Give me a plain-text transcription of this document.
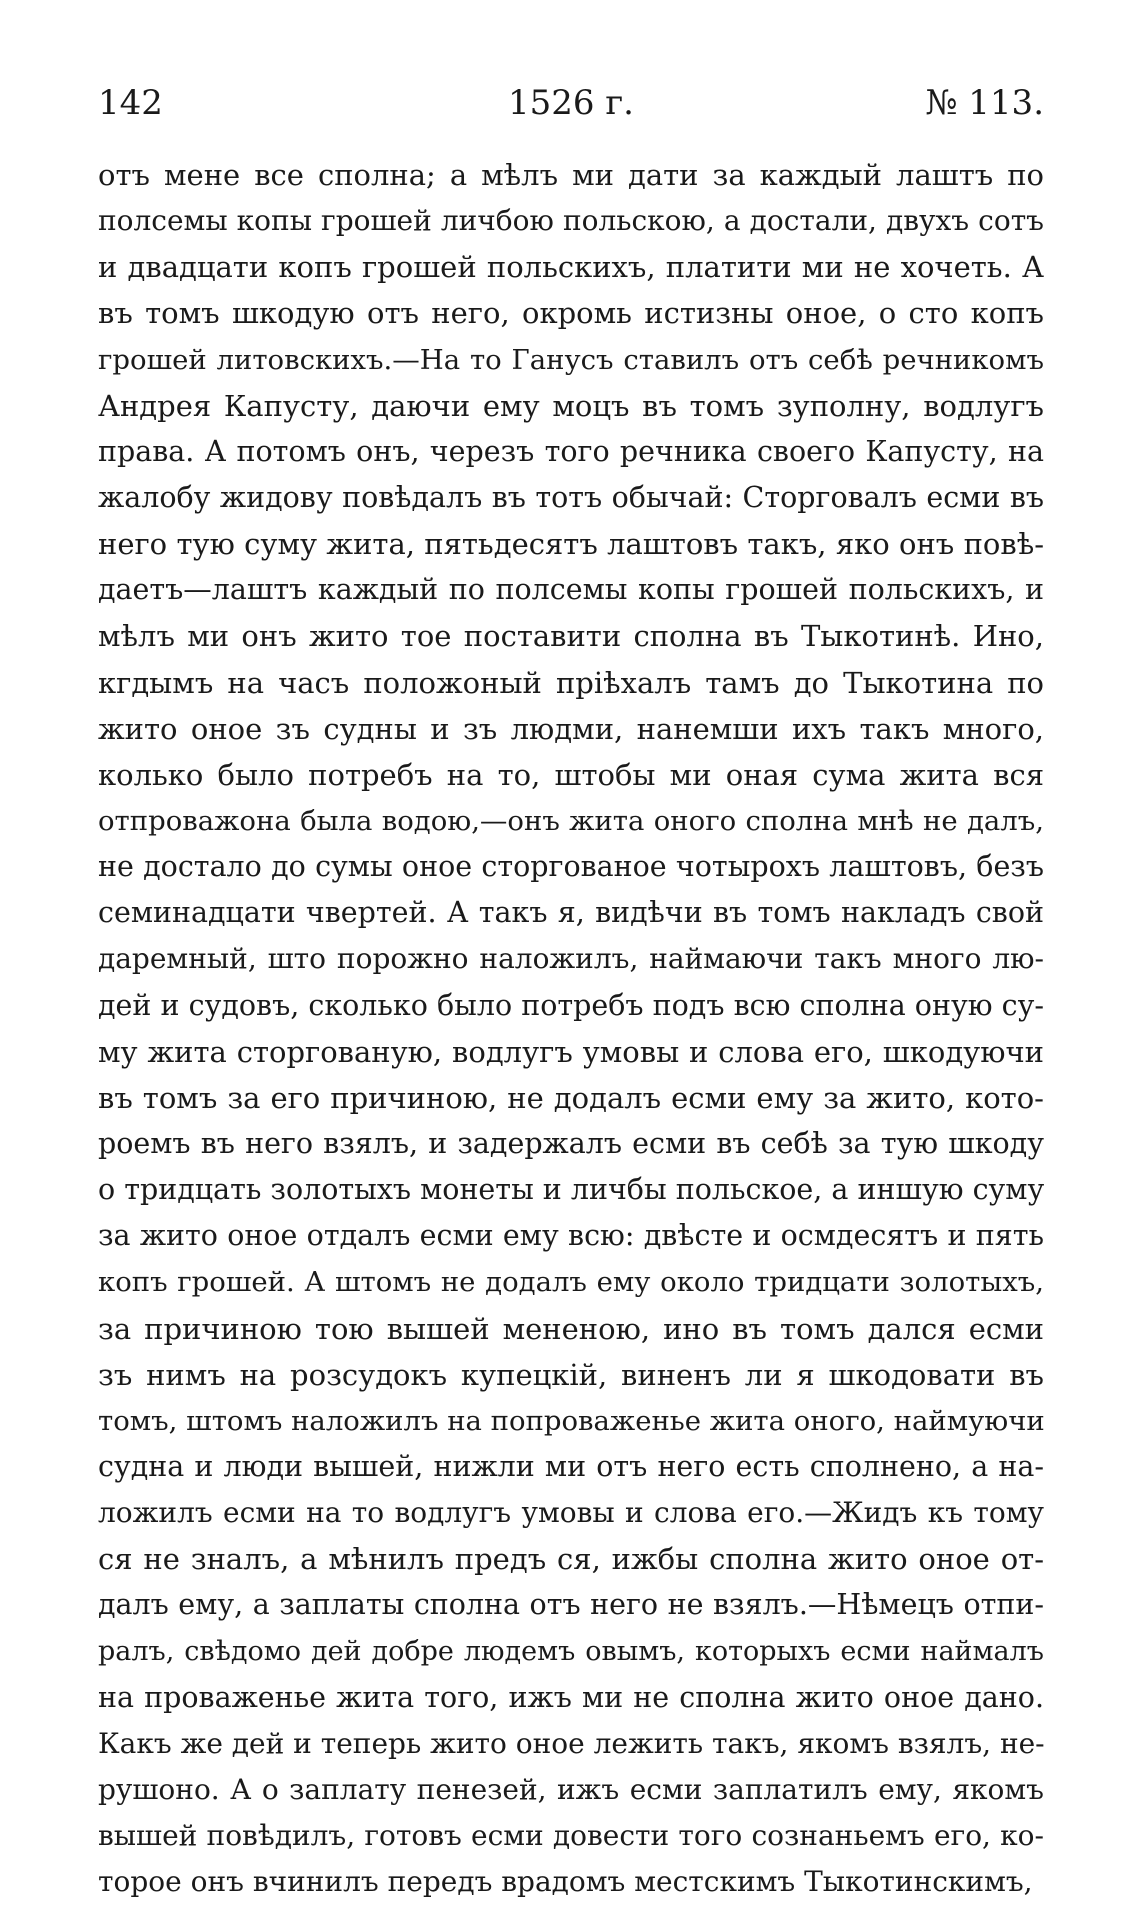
142	1526 г.	№ 113.
отъ мене все сполна; а мѣлъ ми дати за каждый лаштъ по
полсемы копы грошей личбою польскою, а достали, двухъ сотъ
и двадцати копъ грошей польскихъ, платити ми не хочеть. А
въ томъ шкодую отъ него, окромь истизны оное, о сто копъ
грошей литовскихъ.—На то Ганусъ ставилъ отъ себѣ речникомъ
Андрея Капусту, даючи ему моцъ въ томъ зуполну, водлугъ
права. А потомъ онъ, черезъ того речника своего Капусту, на
жалобу жидову повѣдалъ въ тотъ обычай: Сторговалъ есми въ
него тую суму жита, пятьдесятъ лаштовъ такъ, яко онъ повѣ-
даетъ—лаштъ каждый по полсемы копы грошей польскихъ, и
мѣлъ ми онъ жито тое поставити сполна въ Тыкотинѣ. Ино,
кгдымъ на часъ положоный прiѣхалъ тамъ до Тыкотина по
жито оное зъ судны и зъ людми, нанемши ихъ такъ много,
колько было потребъ на то, штобы ми оная сума жита вся
отпроважона была водою,—онъ жита оного сполна мнѣ не далъ,
не достало до сумы оное сторгованое чотырохъ лаштовъ, безъ
семинадцати чвертей. А такъ я, видѣчи въ томъ накладъ свой
даремный, што порожно наложилъ, наймаючи такъ много лю-
дей и судовъ, сколько было потребъ подъ всю сполна оную су-
му жита сторгованую, водлугъ умовы и слова его, шкодуючи
въ томъ за его причиною, не додалъ есми ему за жито, кото-
роемъ въ него взялъ, и задержалъ есми въ себѣ за тую шкоду
о тридцать золотыхъ монеты и личбы польское, а иншую суму
за жито оное отдалъ есми ему всю: двѣсте и осмдесятъ и пять
копъ грошей. А штомъ не додалъ ему около тридцати золотыхъ,
за причиною тою вышей мененою, ино въ томъ дался есми
зъ нимъ на розсудокъ купецкiй, виненъ ли я шкодовати въ
томъ, штомъ наложилъ на попроваженье жита оного, наймуючи
судна и люди вышей, нижли ми отъ него есть сполнено, а на-
ложилъ есми на то водлугъ умовы и слова его.—Жидъ къ тому
ся не зналъ, а мѣнилъ предъ ся, ижбы сполна жито оное от-
далъ ему, а заплаты сполна отъ него не взялъ.—Нѣмецъ отпи-
ралъ, свѣдомо дей добре людемъ овымъ, которыхъ есми наймалъ
на проваженье жита того, ижъ ми не сполна жито оное дано.
Какъ же дей и теперь жито оное лежить такъ, якомъ взялъ, не-
рушоно. А о заплату пенезей, ижъ есми заплатилъ ему, якомъ
вышей повѣдилъ, готовъ есми довести того сознаньемъ его, ко-
торое онъ вчинилъ передъ врадомъ местскимъ Тыкотинскимъ,
